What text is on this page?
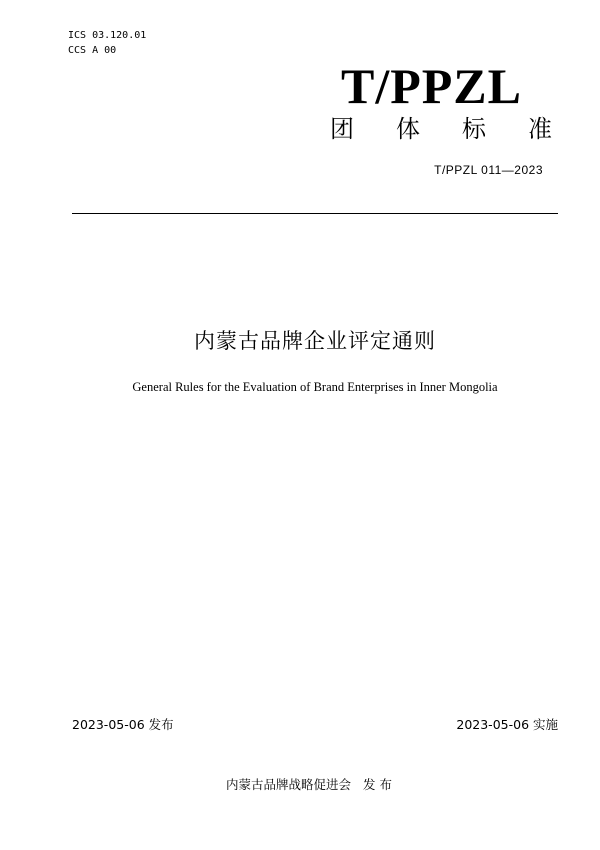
ICS 03.120.01
CCS A 00
T/PPZL
团 体 标 准
T/PPZL 011—2023
内蒙古品牌企业评定通则
General Rules for the Evaluation of Brand Enterprises in Inner Mongolia
2023-05-06 发布	2023-05-06 实施
内蒙古品牌战略促进会   发 布
